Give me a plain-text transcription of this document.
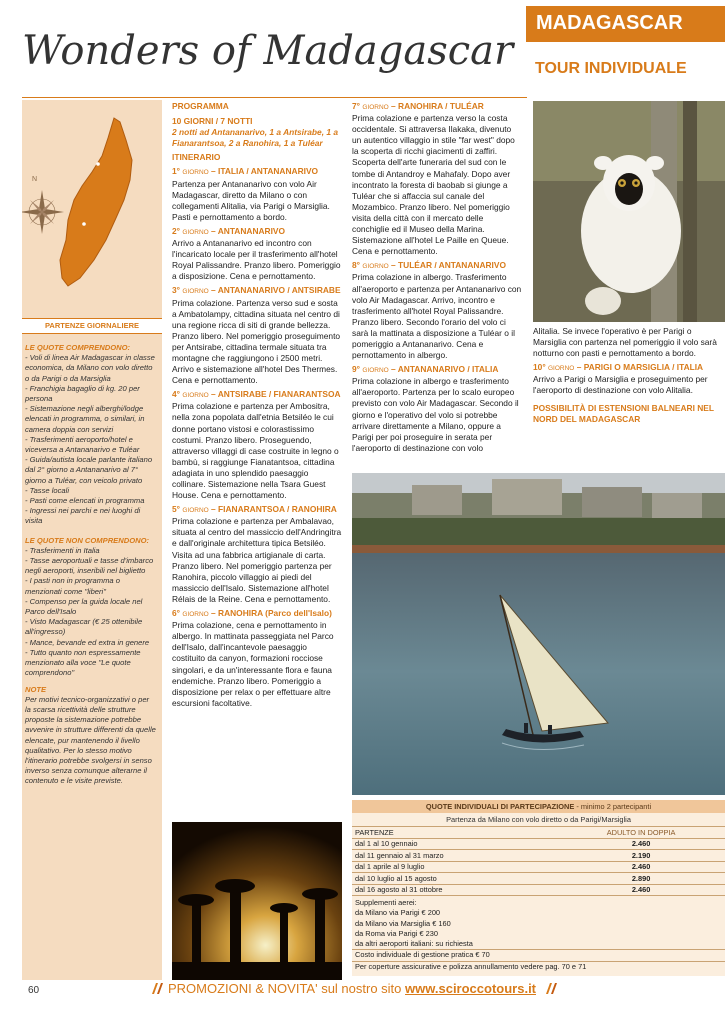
Wonders of Madagascar
MADAGASCAR
TOUR INDIVIDUALE
N
PARTENZE GIORNALIERE

LE QUOTE COMPRENDONO:

- Voli di linea Air Madagascar in classe economica, da Milano con volo diretto o da Parigi o da Marsiglia

- Franchigia bagaglio di kg. 20 per persona

- Sistemazione negli alberghi/lodge elencati in programma, o similari, in camera doppia con servizi

- Trasferimenti aeroporto/hotel e viceversa a Antananarivo e Tuléar

- Guida/autista locale parlante italiano dal 2° giorno a Antananarivo al 7° giorno a Tuléar, con veicolo privato

- Tasse locali

- Pasti come elencati in programma

- Ingressi nei parchi e nei luoghi di visita

LE QUOTE NON COMPRENDONO:

- Trasferimenti in Italia

- Tasse aeroportuali e tasse d'imbarco negli aeroporti, inseribili nel biglietto

- I pasti non in programma o menzionati come "liberi"

- Compenso per la guida locale nel Parco dell'Isalo

- Visto Madagascar (€ 25 ottenibile all'ingresso)

- Mance, bevande ed extra in genere

- Tutto quanto non espressamente menzionato alla voce "Le quote comprendono"

NOTE

Per motivi tecnico-organizzativi o per la scarsa ricettività delle strutture proposte la sistemazione potrebbe avvenire in strutture differenti da quelle elencate, pur mantenendo il livello qualitativo. Per lo stesso motivo l'itinerario potrebbe svolgersi in senso inverso senza comunque alterarne il contenuto e le visite previste.

PROGRAMMA

10 GIORNI / 7 NOTTI

2 notti ad Antananarivo, 1 a Antsirabe, 1 a Fianarantsoa, 2 a Ranohira, 1 a Tuléar

ITINERARIO

1° GIORNO – ITALIA / ANTANANARIVO

Partenza per Antananarivo con volo Air Madagascar, diretto da Milano o con collegamenti Alitalia, via Parigi o Marsiglia. Pasti e pernottamento a bordo.

2° GIORNO – ANTANANARIVO

Arrivo a Antananarivo ed incontro con l'incaricato locale per il trasferimento all'hotel Royal Palissandre. Pranzo libero. Pomeriggio a disposizione. Cena e pernottamento.

3° GIORNO – ANTANANARIVO / ANTSIRABE

Prima colazione. Partenza verso sud e sosta a Ambatolampy, cittadina situata nel centro di una regione ricca di siti di grande bellezza. Pranzo libero. Nel pomeriggio proseguimento per Antsirabe, cittadina termale situata tra montagne che raggiungono i 2500 metri. Arrivo e sistemazione all'hotel Des Thermes. Cena e pernottamento.

4° GIORNO – ANTSIRABE / FIANARANTSOA

Prima colazione e partenza per Ambositra, nella zona popolata dall'etnia Betsiléo le cui donne portano vistosi e colorastissimo costumi. Pranzo libero. Proseguendo, attraverso villaggi di case costruite in legno o bambù, si raggiunge Fianatantsoa, cittadina adagiata in uno splendido paesaggio collinare. Sistemazione nella Tsara Guest House. Cena e pernottamento.

5° GIORNO – FIANARANTSOA / RANOHIRA

Prima colazione e partenza per Ambalavao, situata al centro del massiccio dell'Andringitra e dall'originale architettura tipica Betsiléo. Visita ad una fabbrica artigianale di carta. Pranzo libero. Nel pomeriggio partenza per Ranohira, piccolo villaggio ai piedi del massiccio dell'Isalo. Sistemazione all'hotel Rélais de la Reine. Cena e pernottamento.

6° GIORNO – RANOHIRA (Parco dell'Isalo)

Prima colazione, cena e pernottamento in albergo. In mattinata passeggiata nel Parco dell'Isalo, dall'incantevole paesaggio costituito da canyon, formazioni rocciose singolari, e da un'interessante flora e fauna endemiche. Pranzo libero. Pomeriggio a disposizione per relax o per effettuare altre escursioni facoltative.

7° GIORNO – RANOHIRA / TULÉAR

Prima colazione e partenza verso la costa occidentale. Si attraversa Ilakaka, divenuto un autentico villaggio in stile "far west" dopo la scoperta di ricchi giacimenti di zaffiri. Scoperta dell'arte funeraria del sud con le tombe di Antandroy e Mahafaly. Dopo aver incontrato la foresta di baobab si giunge a Tuléar che si affaccia sul canale del Mozambico. Pranzo libero. Nel pomeriggio visita della città con il mercato delle conchiglie ed il Museo della Marina. Sistemazione all'hotel Le Paille en Queue. Cena e pernottamento.

8° GIORNO – TULÉAR / ANTANANARIVO

Prima colazione in albergo. Trasferimento all'aeroporto e partenza per Antananarivo con volo Air Madagascar. Arrivo, incontro e trasferimento all'hotel Royal Palissandre. Pranzo libero. Secondo l'orario del volo ci sarà la mattinata a disposizione a Tuléar o il pomeriggio a Antananarivo. Cena e pernottamento in albergo.

9° GIORNO – ANTANANARIVO / ITALIA

Prima colazione in albergo e trasferimento all'aeroporto. Partenza per lo scalo europeo previsto con volo Air Madagascar. Secondo il giorno e l'operativo del volo si potrebbe arrivare direttamente a Milano, oppure a Parigi per poi proseguire in serata per l'aeroporto di destinazione con volo

Alitalia. Se invece l'operativo è per Parigi o Marsiglia con partenza nel pomeriggio il volo sarà notturno con pasti e pernottamento a bordo.

10° GIORNO – PARIGI O MARSIGLIA / ITALIA

Arrivo a Parigi o Marsiglia e proseguimento per l'aeroporto di destinazione con volo Alitalia.

POSSIBILITÀ DI ESTENSIONI BALNEARI NEL NORD DEL MADAGASCAR

QUOTE INDIVIDUALI DI PARTECIPAZIONE - minimo 2 partecipanti
Partenza da Milano con volo diretto o da Parigi/Marsiglia
PARTENZE	ADULTO IN DOPPIA
dal 1 al 10 gennaio	2.460
dal 11 gennaio al 31 marzo	2.190
dal 1 aprile al 9 luglio	2.460
dal 10 luglio al 15 agosto	2.890
dal 16 agosto al 31 ottobre	2.460
Supplementi aerei:
da Milano via Parigi € 200
da Milano via Marsiglia € 160
da Roma via Parigi € 230
da altri aeroporti italiani: su richiesta
Costo individuale di gestione pratica € 70
Per coperture assicurative e polizza annullamento vedere pag. 70 e 71
60	PROMOZIONI & NOVITA' sul nostro sito www.sciroccotours.it
